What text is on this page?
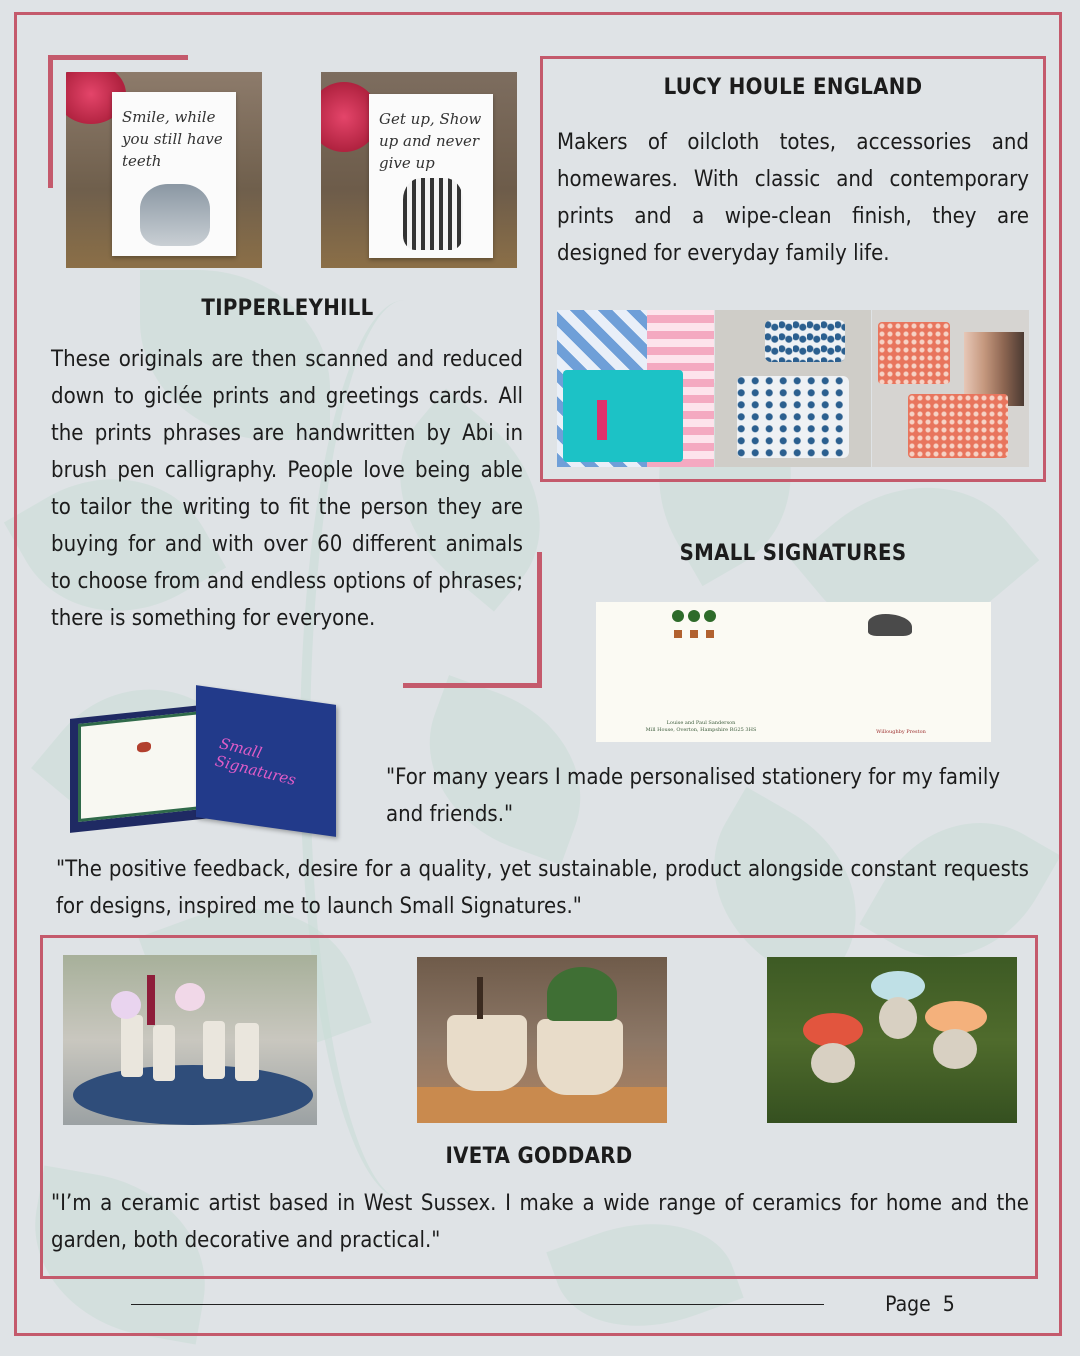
Smile, while you still have teeth
Get up, Show up and never give up
TIPPERLEYHILL
These originals are then scanned and reduced down to giclée prints and greetings cards. All the prints phrases are handwritten by Abi in brush pen calligraphy. People love being able to tailor the writing to fit the person they are buying for and with over 60 different animals to choose from and endless options of phrases; there is something for everyone.
LUCY HOULE ENGLAND
Makers of oilcloth totes, accessories and homewares. With classic and contemporary prints and a wipe-clean finish, they are designed for everyday family life.
SMALL SIGNATURES
Louise and Paul Sanderson
Mill House, Overton, Hampshire RG25 3HS	Willoughby Preston
Small Signatures	"For many years I made personalised stationery for my family and friends."
"The positive feedback, desire for a quality, yet sustainable, product alongside constant requests for designs, inspired me to launch Small Signatures."
IVETA GODDARD
"I’m a ceramic artist based in West Sussex. I make a wide range of ceramics for home and the garden, both decorative and practical."
Page  5
